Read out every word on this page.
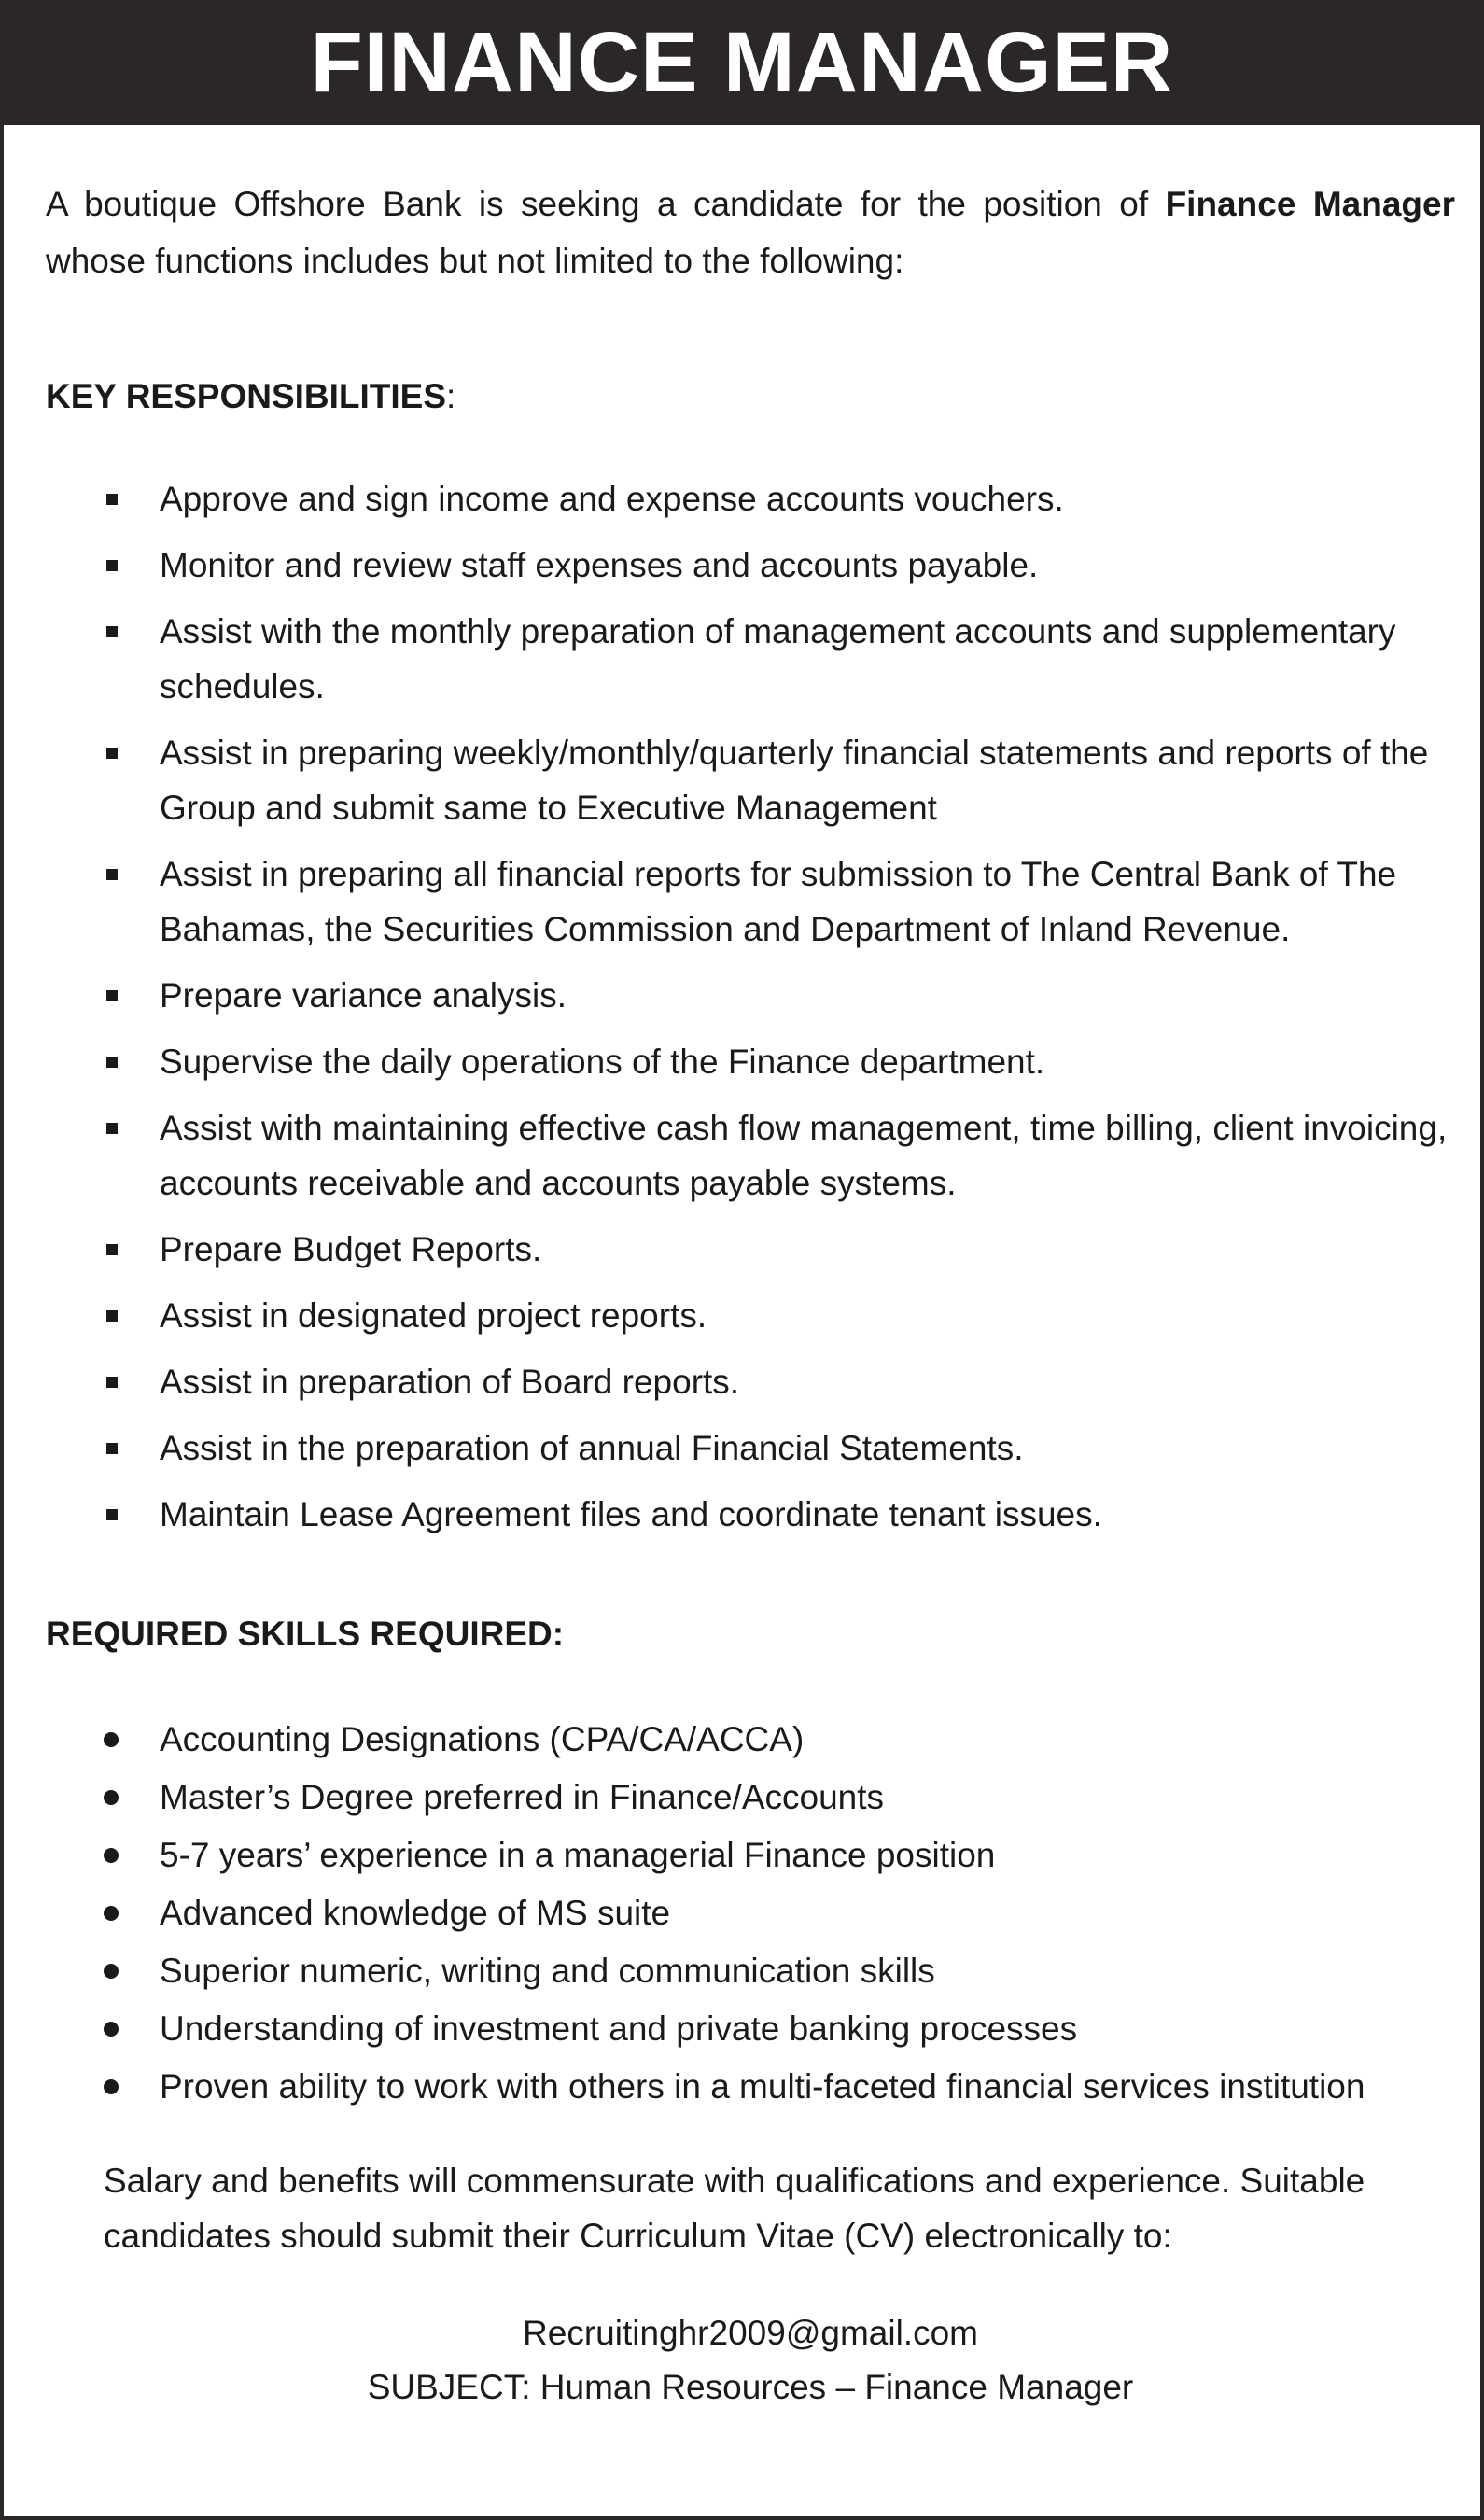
FINANCE MANAGER

A boutique Offshore Bank is seeking a candidate for the position of Finance Manager whose functions includes but not limited to the following:

KEY RESPONSIBILITIES:

Approve and sign income and expense accounts vouchers.
Monitor and review staff expenses and accounts payable.
Assist with the monthly preparation of management accounts and supplementary schedules.
Assist in preparing weekly/monthly/quarterly financial statements and reports of the Group and submit same to Executive Management
Assist in preparing all financial reports for submission to The Central Bank of The Bahamas, the Securities Commission and Department of Inland Revenue.
Prepare variance analysis.
Supervise the daily operations of the Finance department.
Assist with maintaining effective cash flow management, time billing, client invoicing, accounts receivable and accounts payable systems.
Prepare Budget Reports.
Assist in designated project reports.
Assist in preparation of Board reports.
Assist in the preparation of annual Financial Statements.
Maintain Lease Agreement files and coordinate tenant issues.

REQUIRED SKILLS REQUIRED:

Accounting Designations (CPA/CA/ACCA)
Master’s Degree preferred in Finance/Accounts
5-7 years’ experience in a managerial Finance position
Advanced knowledge of MS suite
Superior numeric, writing and communication skills
Understanding of investment and private banking processes
Proven ability to work with others in a multi-faceted financial services institution

Salary and benefits will commensurate with qualifications and experience. Suitable candidates should submit their Curriculum Vitae (CV) electronically to:

Recruitinghr2009@gmail.com
SUBJECT: Human Resources – Finance Manager
